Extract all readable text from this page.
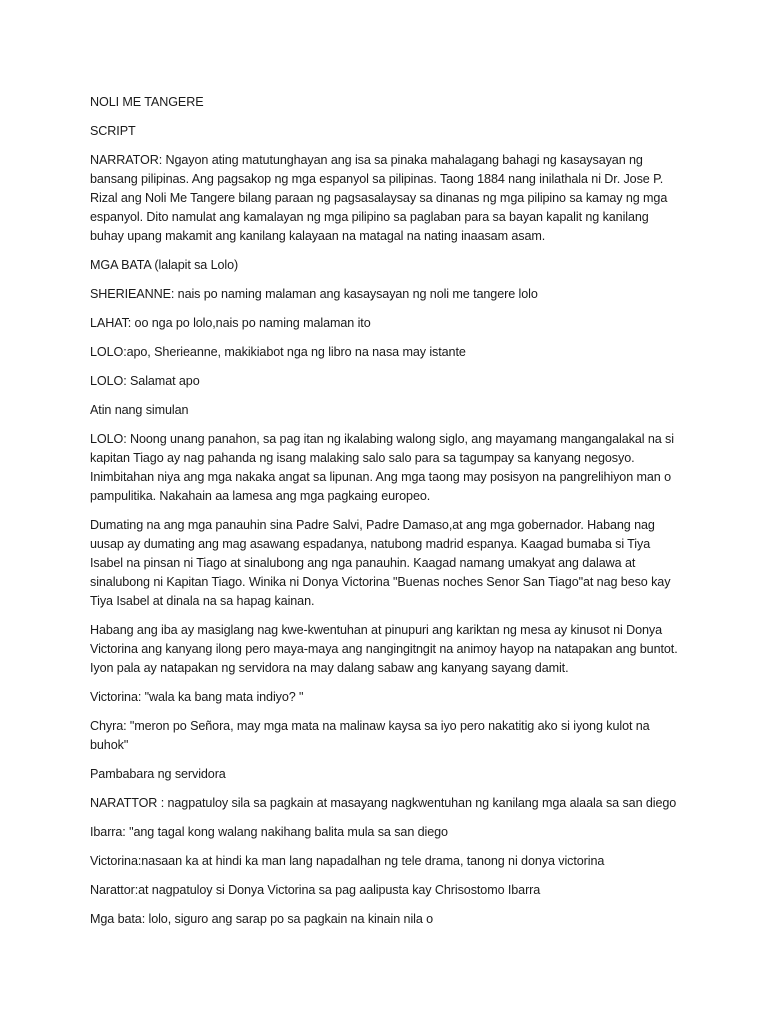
NOLI ME TANGERE

SCRIPT

NARRATOR: Ngayon ating matutunghayan ang isa sa pinaka mahalagang bahagi ng kasaysayan ng bansang pilipinas. Ang pagsakop ng mga espanyol sa pilipinas. Taong 1884 nang inilathala ni Dr. Jose P. Rizal ang Noli Me Tangere bilang paraan ng pagsasalaysay sa dinanas ng mga pilipino sa kamay ng mga espanyol. Dito namulat ang kamalayan ng mga pilipino sa paglaban para sa bayan kapalit ng kanilang buhay upang makamit ang kanilang kalayaan na matagal na nating inaasam asam.

MGA BATA (lalapit sa Lolo)

SHERIEANNE: nais po naming malaman ang kasaysayan ng noli me tangere lolo

LAHAT: oo nga po lolo,nais po naming malaman ito

LOLO:apo, Sherieanne, makikiabot nga ng libro na nasa may istante

LOLO: Salamat apo

Atin nang simulan

LOLO: Noong unang panahon, sa pag itan ng ikalabing walong siglo, ang mayamang mangangalakal na si kapitan Tiago ay nag pahanda ng isang malaking salo salo para sa tagumpay sa kanyang negosyo. Inimbitahan niya ang mga nakaka angat sa lipunan. Ang mga taong may posisyon na pangrelihiyon man o pampulitika. Nakahain aa lamesa ang mga pagkaing europeo.

Dumating na ang mga panauhin sina Padre Salvi, Padre Damaso,at ang mga gobernador. Habang nag uusap ay dumating ang mag asawang espadanya, natubong madrid espanya. Kaagad bumaba si Tiya Isabel na pinsan ni Tiago at sinalubong ang nga panauhin. Kaagad namang umakyat ang dalawa at sinalubong ni Kapitan Tiago. Winika ni Donya Victorina "Buenas noches Senor San Tiago"at nag beso kay Tiya Isabel at dinala na sa hapag kainan.

Habang ang iba ay masiglang nag kwe-kwentuhan at pinupuri ang kariktan ng mesa ay kinusot ni Donya Victorina ang kanyang ilong pero maya-maya ang nangingitngit na animoy hayop na natapakan ang buntot. Iyon pala ay natapakan ng servidora na may dalang sabaw ang kanyang sayang damit.

Victorina: "wala ka bang mata indiyo? "

Chyra: "meron po Señora, may mga mata na malinaw kaysa sa iyo pero nakatitig ako si iyong kulot na buhok"

Pambabara ng servidora

NARATTOR : nagpatuloy sila sa pagkain at masayang nagkwentuhan ng kanilang mga alaala sa san diego

Ibarra: "ang tagal kong walang nakihang balita mula sa san diego

Victorina:nasaan ka at hindi ka man lang napadalhan ng tele drama, tanong ni donya victorina

Narattor:at nagpatuloy si Donya Victorina sa pag aalipusta kay Chrisostomo Ibarra

Mga bata: lolo, siguro ang sarap po sa pagkain na kinain nila o
